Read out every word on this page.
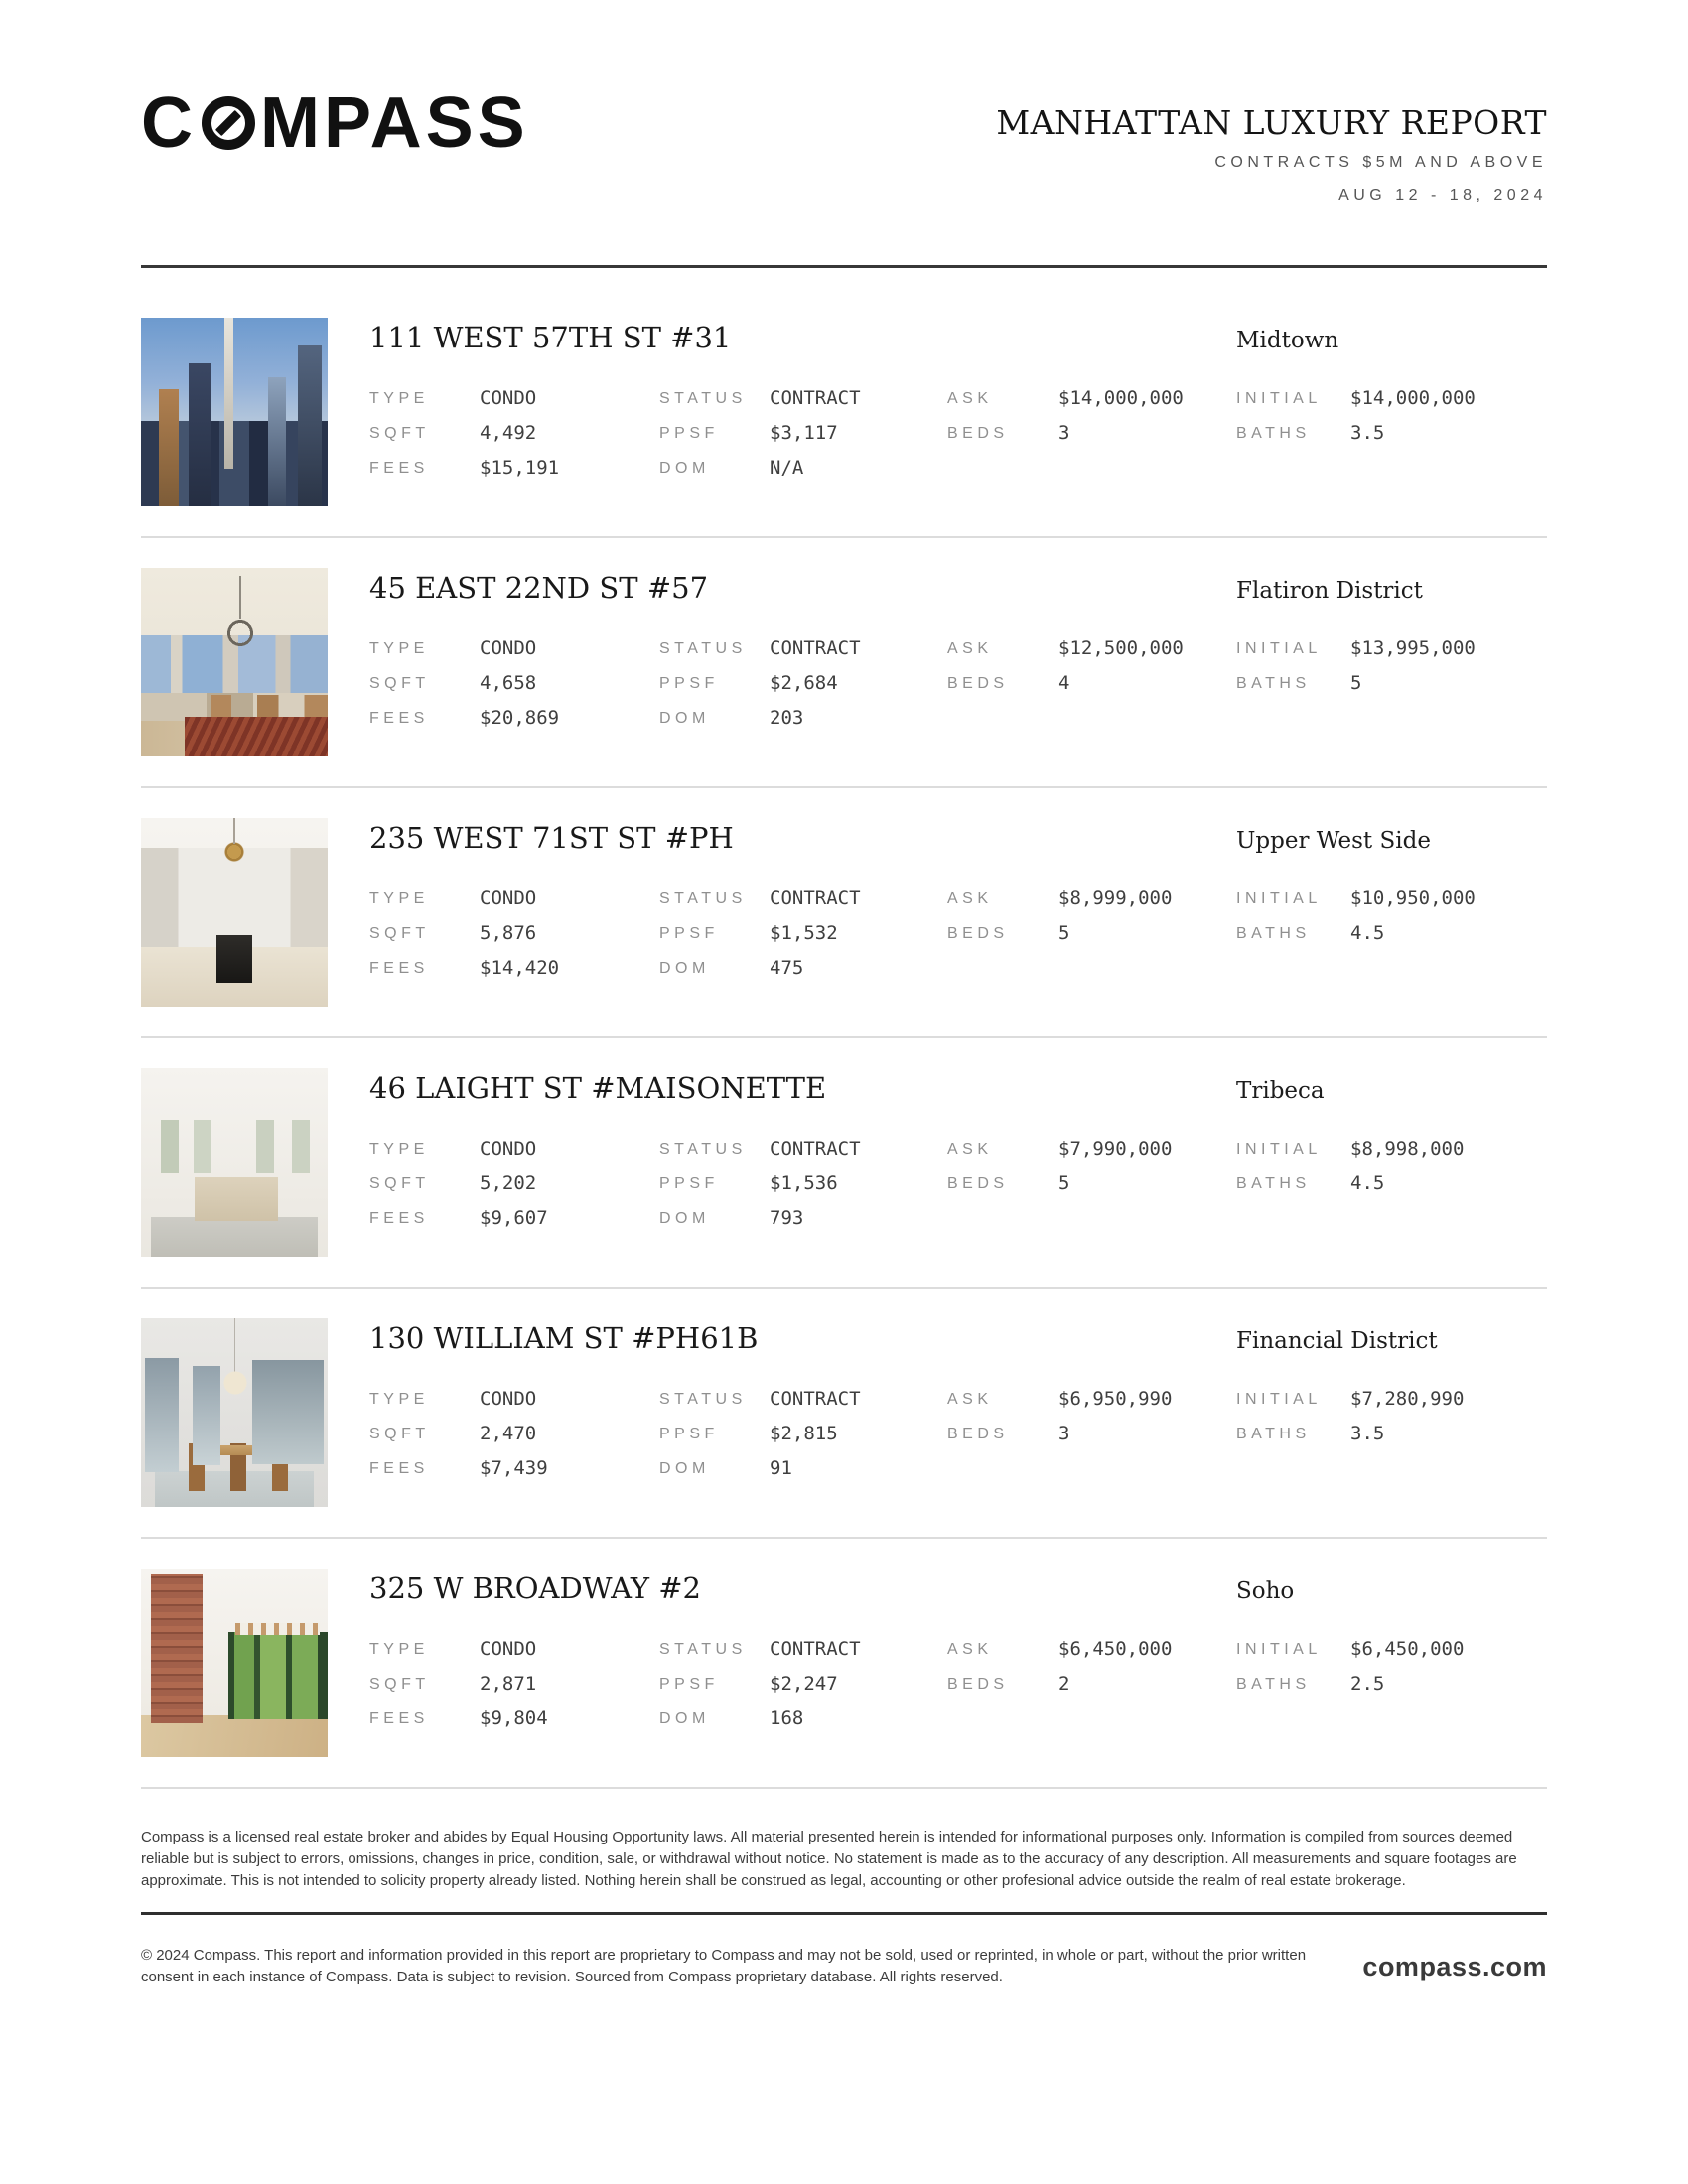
C MPASS	MANHATTAN LUXURY REPORT
CONTRACTS $5M AND ABOVE
AUG 12 - 18, 2024
111 WEST 57TH ST #31	Midtown
TYPE	CONDO	STATUS	CONTRACT	ASK	$14,000,000	INITIAL	$14,000,000
SQFT	4,492	PPSF	$3,117	BEDS	3	BATHS	3.5
FEES	$15,191	DOM	N/A
45 EAST 22ND ST #57	Flatiron District
TYPE	CONDO	STATUS	CONTRACT	ASK	$12,500,000	INITIAL	$13,995,000
SQFT	4,658	PPSF	$2,684	BEDS	4	BATHS	5
FEES	$20,869	DOM	203
235 WEST 71ST ST #PH	Upper West Side
TYPE	CONDO	STATUS	CONTRACT	ASK	$8,999,000	INITIAL	$10,950,000
SQFT	5,876	PPSF	$1,532	BEDS	5	BATHS	4.5
FEES	$14,420	DOM	475
46 LAIGHT ST #MAISONETTE	Tribeca
TYPE	CONDO	STATUS	CONTRACT	ASK	$7,990,000	INITIAL	$8,998,000
SQFT	5,202	PPSF	$1,536	BEDS	5	BATHS	4.5
FEES	$9,607	DOM	793
130 WILLIAM ST #PH61B	Financial District
TYPE	CONDO	STATUS	CONTRACT	ASK	$6,950,990	INITIAL	$7,280,990
SQFT	2,470	PPSF	$2,815	BEDS	3	BATHS	3.5
FEES	$7,439	DOM	91
325 W BROADWAY #2	Soho
TYPE	CONDO	STATUS	CONTRACT	ASK	$6,450,000	INITIAL	$6,450,000
SQFT	2,871	PPSF	$2,247	BEDS	2	BATHS	2.5
FEES	$9,804	DOM	168

Compass is a licensed real estate broker and abides by Equal Housing Opportunity laws. All material presented herein is intended for informational purposes only. Information is compiled from sources deemed reliable but is subject to errors, omissions, changes in price, condition, sale, or withdrawal without notice. No statement is made as to the accuracy of any description. All measurements and square footages are approximate. This is not intended to solicity property already listed. Nothing herein shall be construed as legal, accounting or other profesional advice outside the realm of real estate brokerage.

© 2024 Compass. This report and information provided in this report are proprietary to Compass and may not be sold, used or reprinted, in whole or part, without the prior written consent in each instance of Compass. Data is subject to revision. Sourced from Compass proprietary database. All rights reserved.	compass.com
